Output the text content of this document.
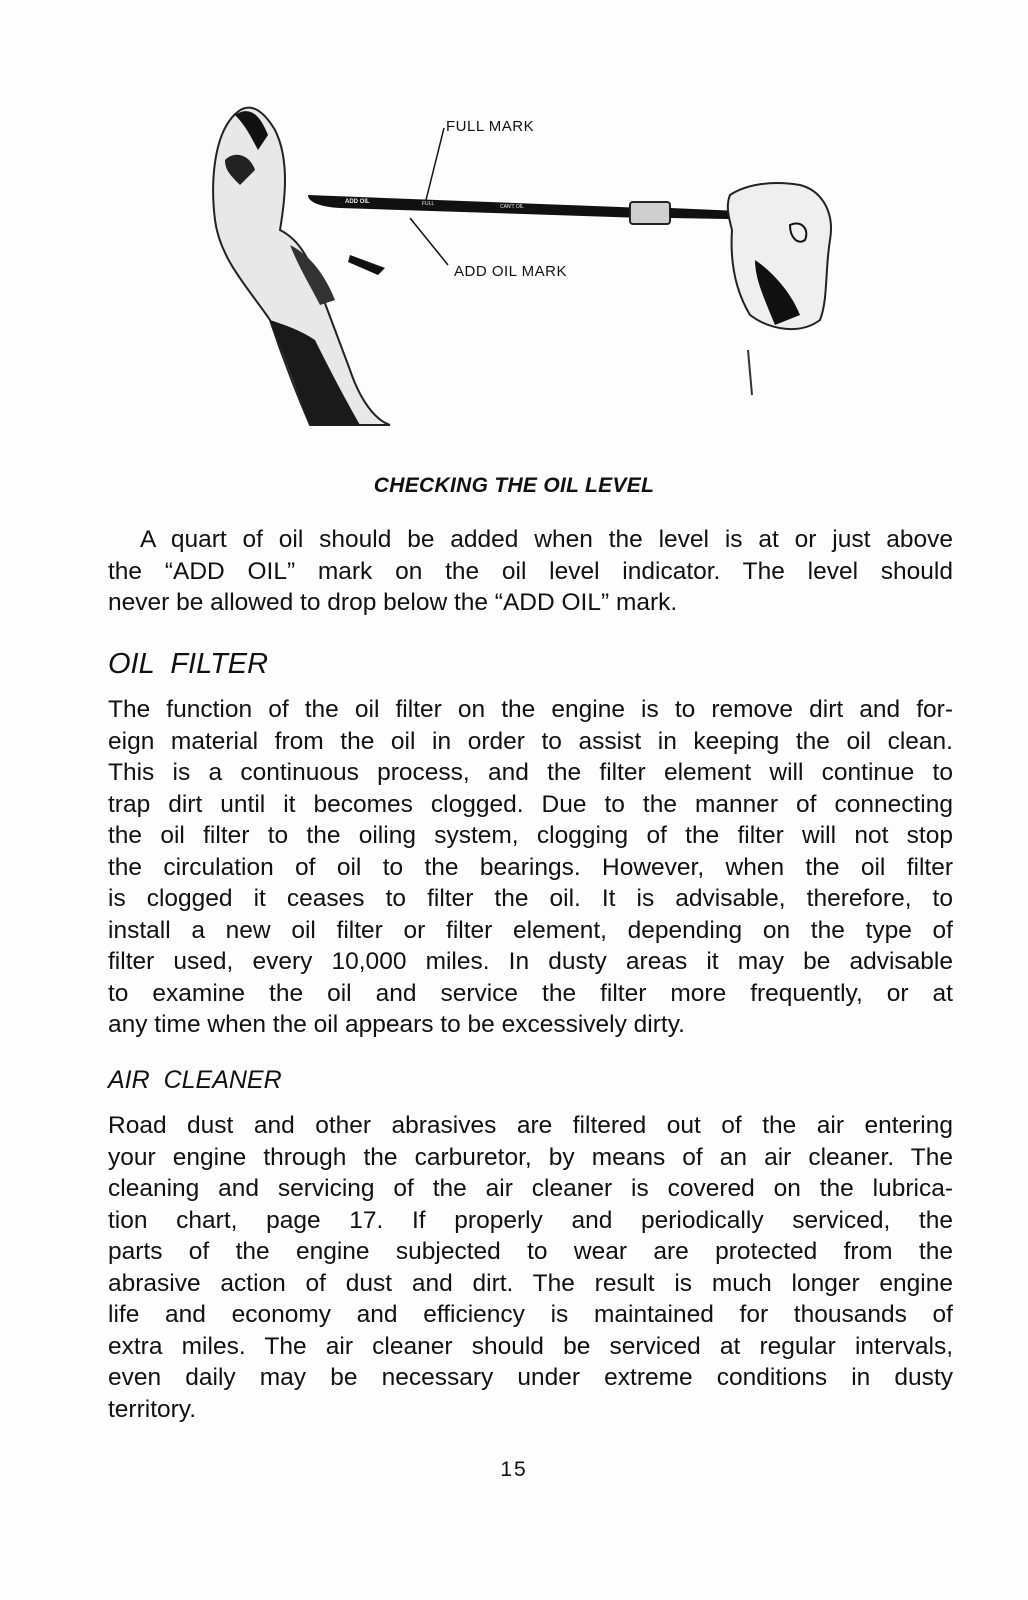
ADD OIL	FULL	CAN'T OIL
FULL MARK
ADD OIL MARK
CHECKING THE OIL LEVEL
A quart of oil should be added when the level is at or just above
the “ADD OIL” mark on the oil level indicator. The level should
never be allowed to drop below the “ADD OIL” mark.
OIL  FILTER
The function of the oil filter on the engine is to remove dirt and for-
eign material from the oil in order to assist in keeping the oil clean.
This is a continuous process, and the filter element will continue to
trap dirt until it becomes clogged. Due to the manner of connecting
the oil filter to the oiling system, clogging of the filter will not stop
the circulation of oil to the bearings. However, when the oil filter
is clogged it ceases to filter the oil. It is advisable, therefore, to
install a new oil filter or filter element, depending on the type of
filter used, every 10,000 miles. In dusty areas it may be advisable
to examine the oil and service the filter more frequently, or at
any time when the oil appears to be excessively dirty.
AIR  CLEANER
Road dust and other abrasives are filtered out of the air entering
your engine through the carburetor, by means of an air cleaner. The
cleaning and servicing of the air cleaner is covered on the lubrica-
tion chart, page 17. If properly and periodically serviced, the
parts of the engine subjected to wear are protected from the
abrasive action of dust and dirt. The result is much longer engine
life and economy and efficiency is maintained for thousands of
extra miles. The air cleaner should be serviced at regular intervals,
even daily may be necessary under extreme conditions in dusty
territory.
15
